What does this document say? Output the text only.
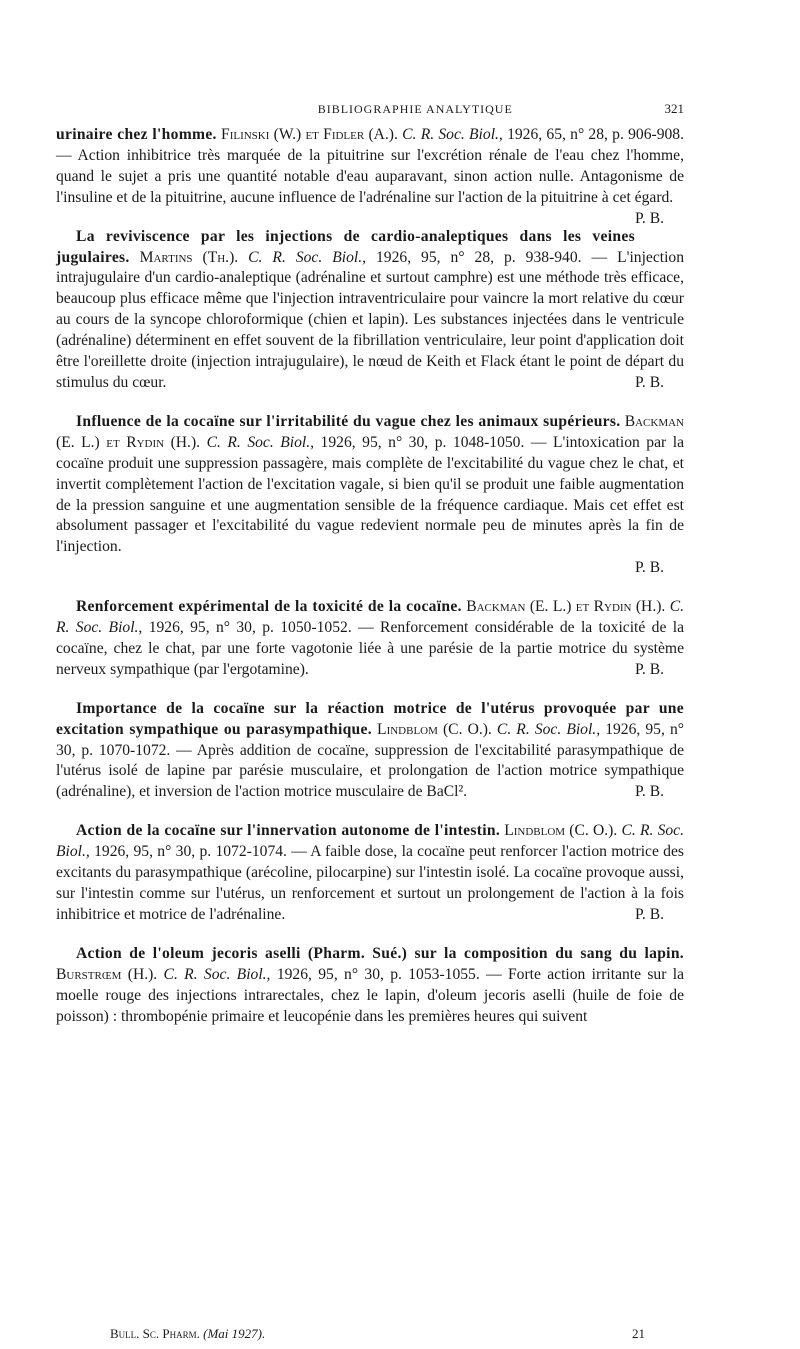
BIBLIOGRAPHIE ANALYTIQUE	321
urinaire chez l'homme. Filinski (W.) et Fidler (A.). C. R. Soc. Biol., 1926, 65, n° 28, p. 906-908. — Action inhibitrice très marquée de la pituitrine sur l'excrétion rénale de l'eau chez l'homme, quand le sujet a pris une quantité notable d'eau auparavant, sinon action nulle. Antagonisme de l'insuline et de la pituitrine, aucune influence de l'adrénaline sur l'action de la pituitrine à cet égard.
P. B.
La reviviscence par les injections de cardio-analeptiques dans les veines jugulaires. Martins (Th.). C. R. Soc. Biol., 1926, 95, n° 28, p. 938-940. — L'injection intrajugulaire d'un cardio-analeptique (adrénaline et surtout camphre) est une méthode très efficace, beaucoup plus efficace même que l'injection intraventriculaire pour vaincre la mort relative du cœur au cours de la syncope chloroformique (chien et lapin). Les substances injectées dans le ventricule (adrénaline) déterminent en effet souvent de la fibrillation ventriculaire, leur point d'application doit être l'oreillette droite (injection intrajugulaire), le nœud de Keith et Flack étant le point de départ du stimulus du cœur.	P. B.
Influence de la cocaïne sur l'irritabilité du vague chez les animaux supérieurs. Backman (E. L.) et Rydin (H.). C. R. Soc. Biol., 1926, 95, n° 30, p. 1048-1050. — L'intoxication par la cocaïne produit une suppression passagère, mais complète de l'excitabilité du vague chez le chat, et invertit complètement l'action de l'excitation vagale, si bien qu'il se produit une faible augmentation de la pression sanguine et une augmentation sensible de la fréquence cardiaque. Mais cet effet est absolument passager et l'excitabilité du vague redevient normale peu de minutes après la fin de l'injection.
P. B.
Renforcement expérimental de la toxicité de la cocaïne. Backman (E. L.) et Rydin (H.). C. R. Soc. Biol., 1926, 95, n° 30, p. 1050-1052. — Renforcement considérable de la toxicité de la cocaïne, chez le chat, par une forte vagotonie liée à une parésie de la partie motrice du système nerveux sympathique (par l'ergotamine).	P. B.
Importance de la cocaïne sur la réaction motrice de l'utérus provoquée par une excitation sympathique ou parasympathique. Lindblom (C. O.). C. R. Soc. Biol., 1926, 95, n° 30, p. 1070-1072. — Après addition de cocaïne, suppression de l'excitabilité parasympathique de l'utérus isolé de lapine par parésie musculaire, et prolongation de l'action motrice sympathique (adrénaline), et inversion de l'action motrice musculaire de BaCl².	P. B.
Action de la cocaïne sur l'innervation autonome de l'intestin. Lindblom (C. O.). C. R. Soc. Biol., 1926, 95, n° 30, p. 1072-1074. — A faible dose, la cocaïne peut renforcer l'action motrice des excitants du parasympathique (arécoline, pilocarpine) sur l'intestin isolé. La cocaïne provoque aussi, sur l'intestin comme sur l'utérus, un renforcement et surtout un prolongement de l'action à la fois inhibitrice et motrice de l'adrénaline.	P. B.
Action de l'oleum jecoris aselli (Pharm. Sué.) sur la composition du sang du lapin. Burstrœm (H.). C. R. Soc. Biol., 1926, 95, n° 30, p. 1053-1055. — Forte action irritante sur la moelle rouge des injections intrarectales, chez le lapin, d'oleum jecoris aselli (huile de foie de poisson) : thrombopénie primaire et leucopénie dans les premières heures qui suivent
Bull. Sc. Pharm. (Mai 1927).	21
